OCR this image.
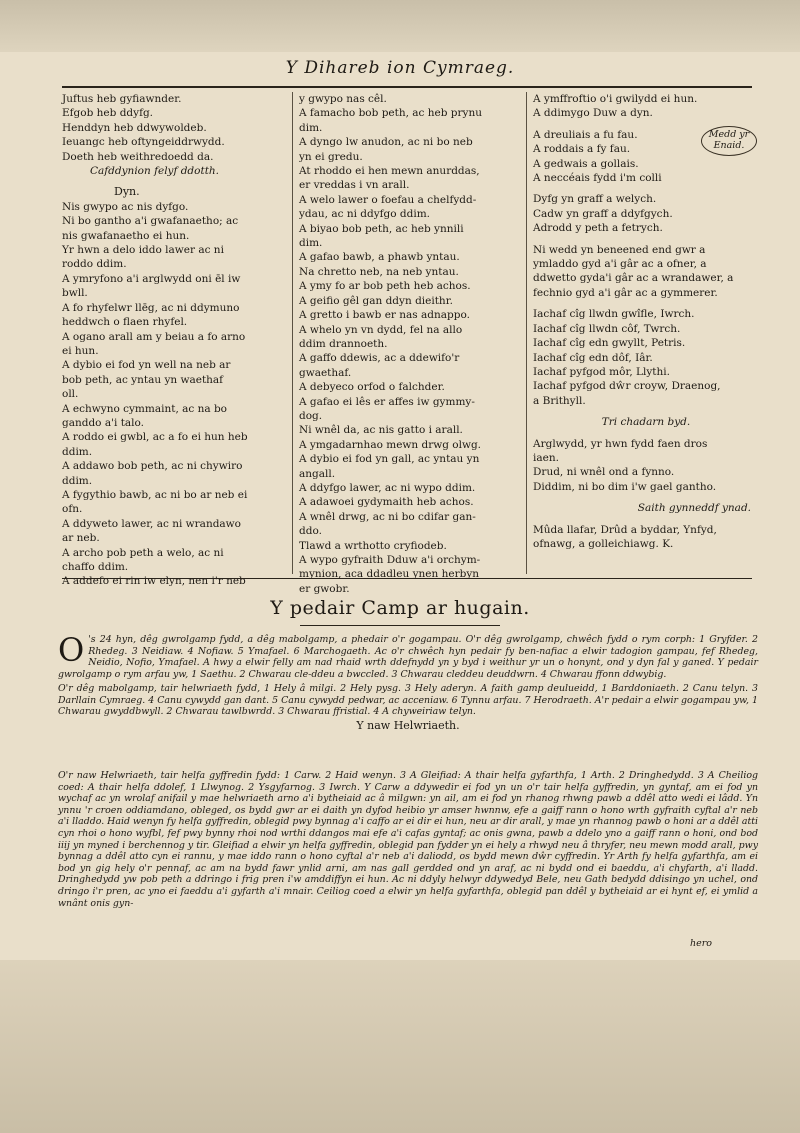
Y Dihareb ion Cymraeg.
Juftus heb gyfiawnder.
Efgob heb ddyfg.
Henddyn heb ddwywoldeb.
Ieuangc heb oftyngeiddrwydd.
Doeth heb weithredoedd da.
Cafddynion felyf ddotth.
Dyn.
Nis gwypo ac nis dyfgo.
Ni bo gantho a'i gwafanaetho; ac
nis gwafanaetho ei hun.
Yr hwn a delo iddo lawer ac ni
roddo ddim.
A ymryfono a'i arglwydd oni ēl iw
bwll.
A fo rhyfelwr llēg, ac ni ddymuno
heddwch o flaen rhyfel.
A ogano arall am y beiau a fo arno
ei hun.
A dybio ei fod yn well na neb ar
bob peth, ac yntau yn waethaf
oll.
A echwyno cymmaint, ac na bo
ganddo a'i talo.
A roddo ei gwbl, ac a fo ei hun heb
ddim.
A addawo bob peth, ac ni chywiro
ddim.
A fygythio bawb, ac ni bo ar neb ei
ofn.
A ddyweto lawer, ac ni wrandawo
ar neb.
A archo pob peth a welo, ac ni
chaffo ddim.
A addefo ei rin iw elyn, nen i'r neb
y gwypo nas cêl.
A famacho bob peth, ac heb prynu
dim.
A dyngo lw anudon, ac ni bo neb
yn ei gredu.
At rhoddo ei hen mewn anurddas,
er vreddas i vn arall.
A welo lawer o foefau a chelfydd-
ydau, ac ni ddyfgo ddim.
A biyao bob peth, ac heb ynnili
dim.
A gafao bawb, a phawb yntau.
Na chretto neb, na neb yntau.
A ymy fo ar bob peth heb achos.
A geifio gêl gan ddyn dieithr.
A gretto i bawb er nas adnappo.
A whelo yn vn dydd, fel na allo
ddim drannoeth.
A gaffo ddewis, ac a ddewifo'r
gwaethaf.
A debyeco orfod o falchder.
A gafao ei lês er affes iw gymmy-
dog.
Ni wnêl da, ac nis gatto i arall.
A ymgadarnhao mewn drwg olwg.
A dybio ei fod yn gall, ac yntau yn
angall.
A ddyfgo lawer, ac ni wypo ddim.
A adawoei gydymaith heb achos.
A wnêl drwg, ac ni bo cdifar gan-
ddo.
Tlawd a wrthotto cryfiodeb.
A wypo gyfraith Dduw a'i orchym-
mynion, aca ddadleu ynen herbyn
er gwobr.
Medd yr Enaid.
A ymffroftio o'i gwilydd ei hun.
A ddimygo Duw a dyn.
A dreuliais a fu fau.
A roddais a fy fau.
A gedwais a gollais.
A neccéais fydd i'm colli
Dyfg yn graff a welych.
Cadw yn graff a ddyfgych.
Adrodd y peth a fetrych.
Ni wedd yn beneened end gwr a
ymladdo gyd a'i gâr ac a ofner, a
ddwetto gyda'i gâr ac a wrandawer, a
fechnio gyd a'i gâr ac a gymmerer.
Iachaf cîg llwdn gwîfle, Iwrch.
Iachaf cîg llwdn côf, Twrch.
Iachaf cîg edn gwyllt, Petris.
Iachaf cîg edn dôf, Iâr.
Iachaf pyfgod môr, Llythi.
Iachaf pyfgod dŵr croyw, Draenog,
a Brithyll.
Tri chadarn byd.
Arglwydd, yr hwn fydd faen dros
iaen.
Drud, ni wnêl ond a fynno.
Diddim, ni bo dim i'w gael gantho.
Saith gynneddf ynad.
Mûda llafar, Drûd a byddar, Ynfyd,
ofnawg, a golleichiawg. K.
Y pedair Camp ar hugain.

O 's 24 hyn, dêg gwrolgamp fydd, a dêg mabolgamp, a phedair o'r gogampau. O'r dêg gwrolgamp, chwêch fydd o rym corph: 1 Gryfder. 2 Rhedeg. 3 Neidiaw. 4 Nofiaw. 5 Ymafael. 6 Marchogaeth. Ac o'r chwêch hyn pedair fy ben-nafiac a elwir tadogion gampau, fef Rhedeg, Neidio, Nofio, Ymafael. A hwy a elwir felly am nad rhaid wrth ddefnydd yn y byd i weithur yr un o honynt, ond y dyn fal y ganed. Y pedair gwrolgamp o rym arfau yw, 1 Saethu. 2 Chwarau cle-ddeu a bwccled. 3 Chwarau cleddeu deuddwrn. 4 Chwarau ffonn ddwybig.

O'r dêg mabolgamp, tair helwriaeth fydd, 1 Hely â milgi. 2 Hely pysg. 3 Hely aderyn. A faith gamp deulueidd, 1 Barddoniaeth. 2 Canu telyn. 3 Darllain Cymraeg. 4 Canu cywydd gan dant. 5 Canu cywydd pedwar, ac acceniaw. 6 Tynnu arfau. 7 Herodraeth. A'r pedair a elwir gogampau yw, 1 Chwarau gwyddbwyll. 2 Chwarau tawlbwrdd. 3 Chwarau ffristial. 4 A chyweiriaw telyn.

Y naw Helwriaeth.

O'r naw Helwriaeth, tair helfa gyffredin fydd: 1 Carw. 2 Haid wenyn. 3 A Gleifiad: A thair helfa gyfarthfa, 1 Arth. 2 Dringhedydd. 3 A Cheiliog coed: A thair helfa ddolef, 1 Llwynog. 2 Ysgyfarnog. 3 Iwrch. Y Carw a ddywedir ei fod yn un o'r tair helfa gyffredin, yn gyntaf, am ei fod yn wychaf ac yn wrolaf anifail y mae helwriaeth arno a'i bytheiaid ac â milgwn: yn ail, am ei fod yn rhanog rhwng pawb a ddêl atto wedi ei lâdd. Yn ynnu 'r croen oddiamdano, obleged, os bydd gwr ar ei daith yn dyfod heibio yr amser hwnnw, efe a gaiff rann o hono wrth gyfraith cyftal a'r neb a'i lladdo. Haid wenyn fy helfa gyffredin, oblegid pwy bynnag a'i caffo ar ei dir ei hun, neu ar dir arall, y mae yn rhannog pawb o honi ar a ddêl atti cyn rhoi o hono wyfbl, fef pwy bynny rhoi nod wrthi ddangos mai efe a'i cafas gyntaf; ac onis gwna, pawb a ddelo yno a gaiff rann o honi, ond bod iiij yn myned i berchennog y tir. Gleifiad a elwir yn helfa gyffredin, oblegid pan fydder yn ei hely a rhwyd neu â thryfer, neu mewn modd arall, pwy bynnag a ddêl atto cyn ei rannu, y mae iddo rann o hono cyftal a'r neb a'i daliodd, os bydd mewn dŵr cyffredin. Yr Arth fy helfa gyfarthfa, am ei bod yn gig hely o'r pennaf, ac am na bydd fawr ynlid arni, am nas gall gerdded ond yn araf, ac ni bydd ond ei baeddu, a'i chyfarth, a'i lladd. Dringhedydd yw pob peth a ddringo i frig pren i'w amddiffyn ei hun. Ac ni ddyly helwyr ddywedyd Bele, neu Gath bedydd ddisingo yn uchel, ond dringo i'r pren, ac yno ei faeddu a'i gyfarth a'i mnair. Ceiliog coed a elwir yn helfa gyfarthfa, oblegid pan ddêl y bytheiaid ar ei hynt ef, ei ymlid a wnânt onis gyn-

hero
